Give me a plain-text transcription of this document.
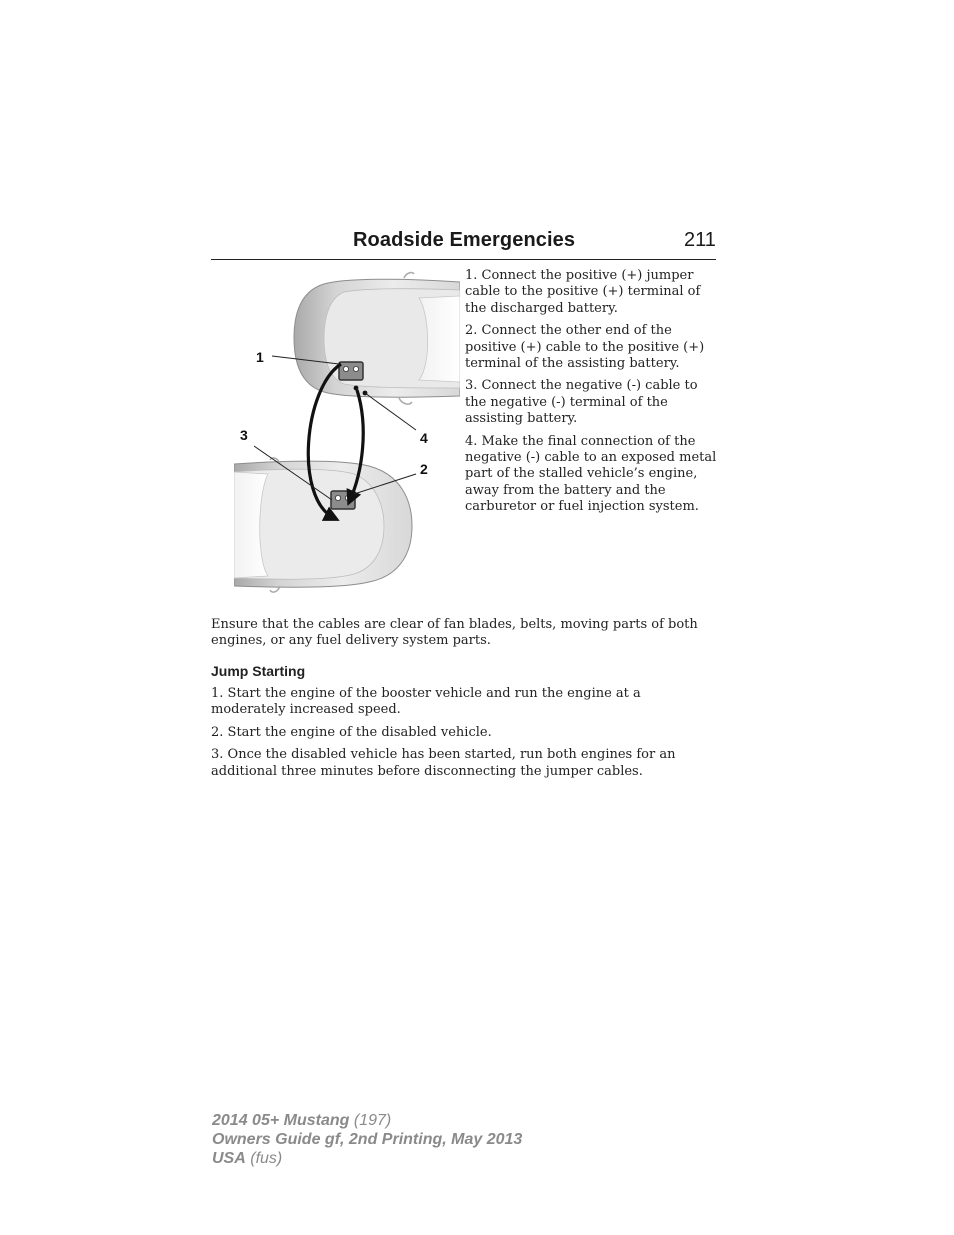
Roadside Emergencies	211
1
2
3	4

1. Connect the positive (+) jumper cable to the positive (+) terminal of the discharged battery.

2. Connect the other end of the positive (+) cable to the positive (+) terminal of the assisting battery.

3. Connect the negative (-) cable to the negative (-) terminal of the assisting battery.

4. Make the final connection of the negative (-) cable to an exposed metal part of the stalled vehicle’s engine, away from the battery and the carburetor or fuel injection system.

Ensure that the cables are clear of fan blades, belts, moving parts of both engines, or any fuel delivery system parts.

Jump Starting

1. Start the engine of the booster vehicle and run the engine at a moderately increased speed.

2. Start the engine of the disabled vehicle.

3. Once the disabled vehicle has been started, run both engines for an additional three minutes before disconnecting the jumper cables.

2014 05+ Mustang (197)
Owners Guide gf, 2nd Printing, May 2013
USA (fus)
